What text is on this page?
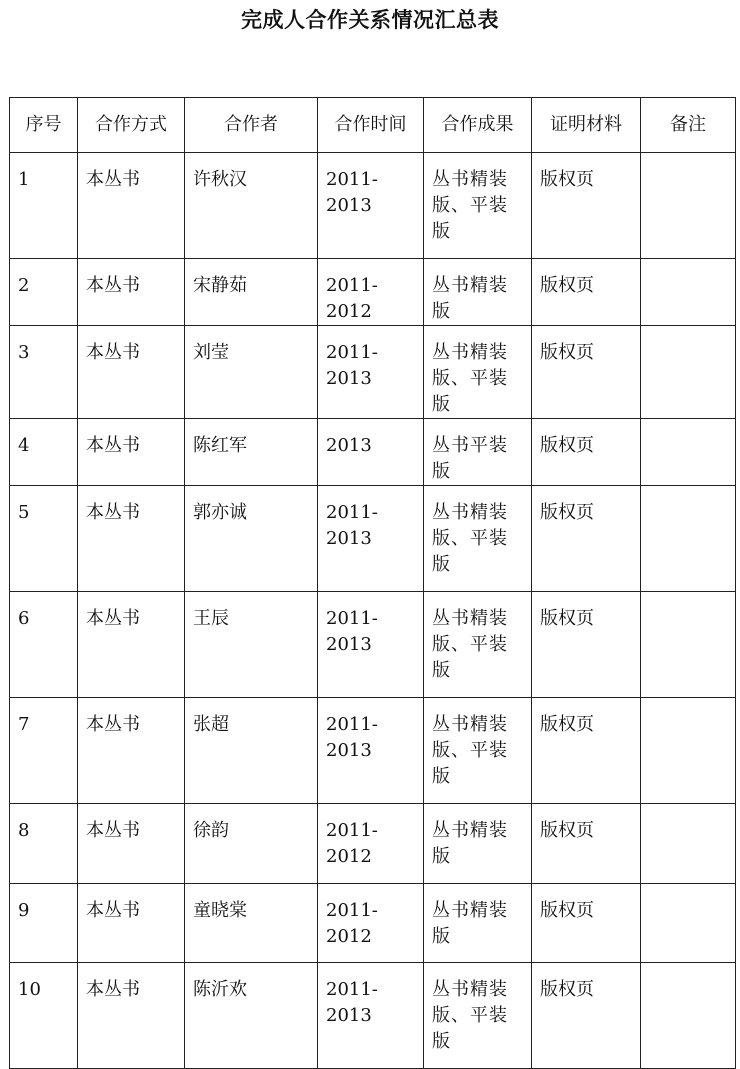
完成人合作关系情况汇总表
序号	合作方式	合作者	合作时间	合作成果	证明材料	备注
1	本丛书	许秋汉	2011-2013	丛书精装
版、平装
版	版权页	
2	本丛书	宋静茹	2011-2012	丛书精装
版	版权页	
3	本丛书	刘莹	2011-2013	丛书精装
版、平装
版	版权页	
4	本丛书	陈红军	2013	丛书平装
版	版权页	
5	本丛书	郭亦诚	2011-2013	丛书精装
版、平装
版	版权页	
6	本丛书	王辰	2011-2013	丛书精装
版、平装
版	版权页	
7	本丛书	张超	2011-2013	丛书精装
版、平装
版	版权页	
8	本丛书	徐韵	2011-2012	丛书精装
版	版权页	
9	本丛书	童晓棠	2011-2012	丛书精装
版	版权页	
10	本丛书	陈沂欢	2011-2013	丛书精装
版、平装
版	版权页	
